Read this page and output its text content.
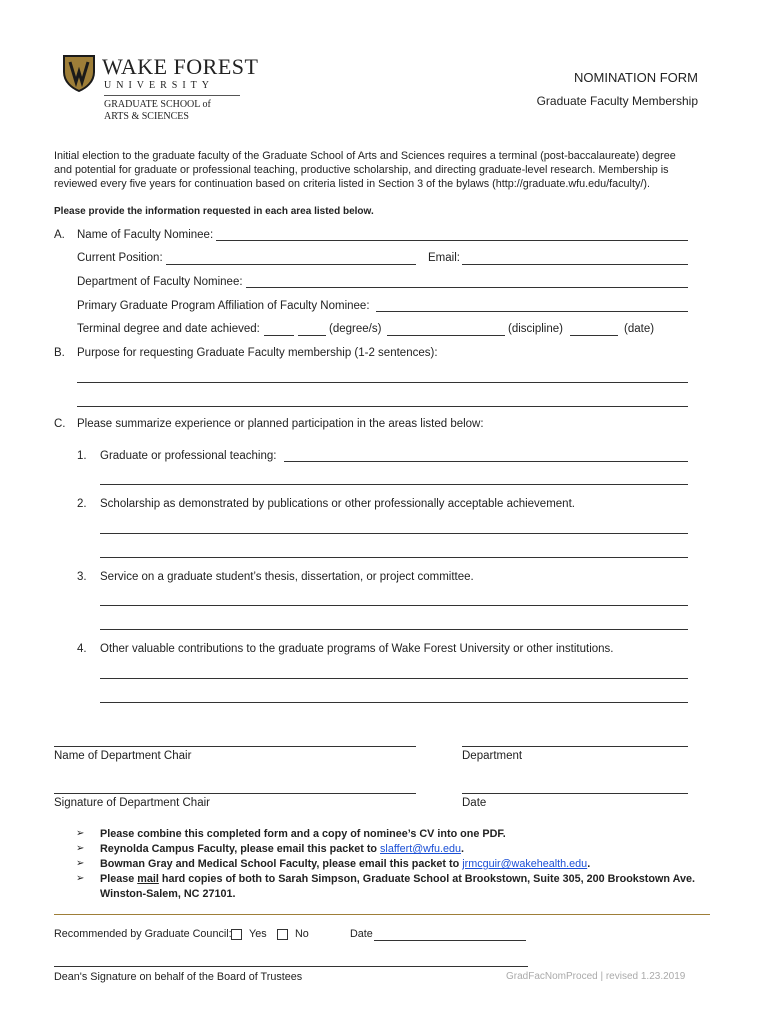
WAKE FOREST
UNIVERSITY
GRADUATE SCHOOL of
ARTS & SCIENCES
NOMINATION FORM
Graduate Faculty Membership
Initial election to the graduate faculty of the Graduate School of Arts and Sciences requires a terminal (post-baccalaureate) degree
and potential for graduate or professional teaching, productive scholarship, and directing graduate-level research. Membership is
reviewed every five years for continuation based on criteria listed in Section 3 of the bylaws (http://graduate.wfu.edu/faculty/).
Please provide the information requested in each area listed below.
A. Name of Faculty Nominee:
Current Position:	Email:
Department of Faculty Nominee:
Primary Graduate Program Affiliation of Faculty Nominee:
Terminal degree and date achieved:	(degree/s)	(discipline)	(date)
B. Purpose for requesting Graduate Faculty membership (1-2 sentences):
C. Please summarize experience or planned participation in the areas listed below:
1. Graduate or professional teaching:
2. Scholarship as demonstrated by publications or other professionally acceptable achievement.
3. Service on a graduate student’s thesis, dissertation, or project committee.
4. Other valuable contributions to the graduate programs of Wake Forest University or other institutions.
Name of Department Chair	Department
Signature of Department Chair	Date
➢ Please combine this completed form and a copy of nominee’s CV into one PDF.
➢ Reynolda Campus Faculty, please email this packet to slaffert@wfu.edu.
➢ Bowman Gray and Medical School Faculty, please email this packet to jrmcguir@wakehealth.edu.
➢ Please mail hard copies of both to Sarah Simpson, Graduate School at Brookstown, Suite 305, 200 Brookstown Ave.
Winston-Salem, NC 27101.
Recommended by Graduate Council: Yes	No	Date
Dean's Signature on behalf of the Board of Trustees	GradFacNomProced | revised 1.23.2019
